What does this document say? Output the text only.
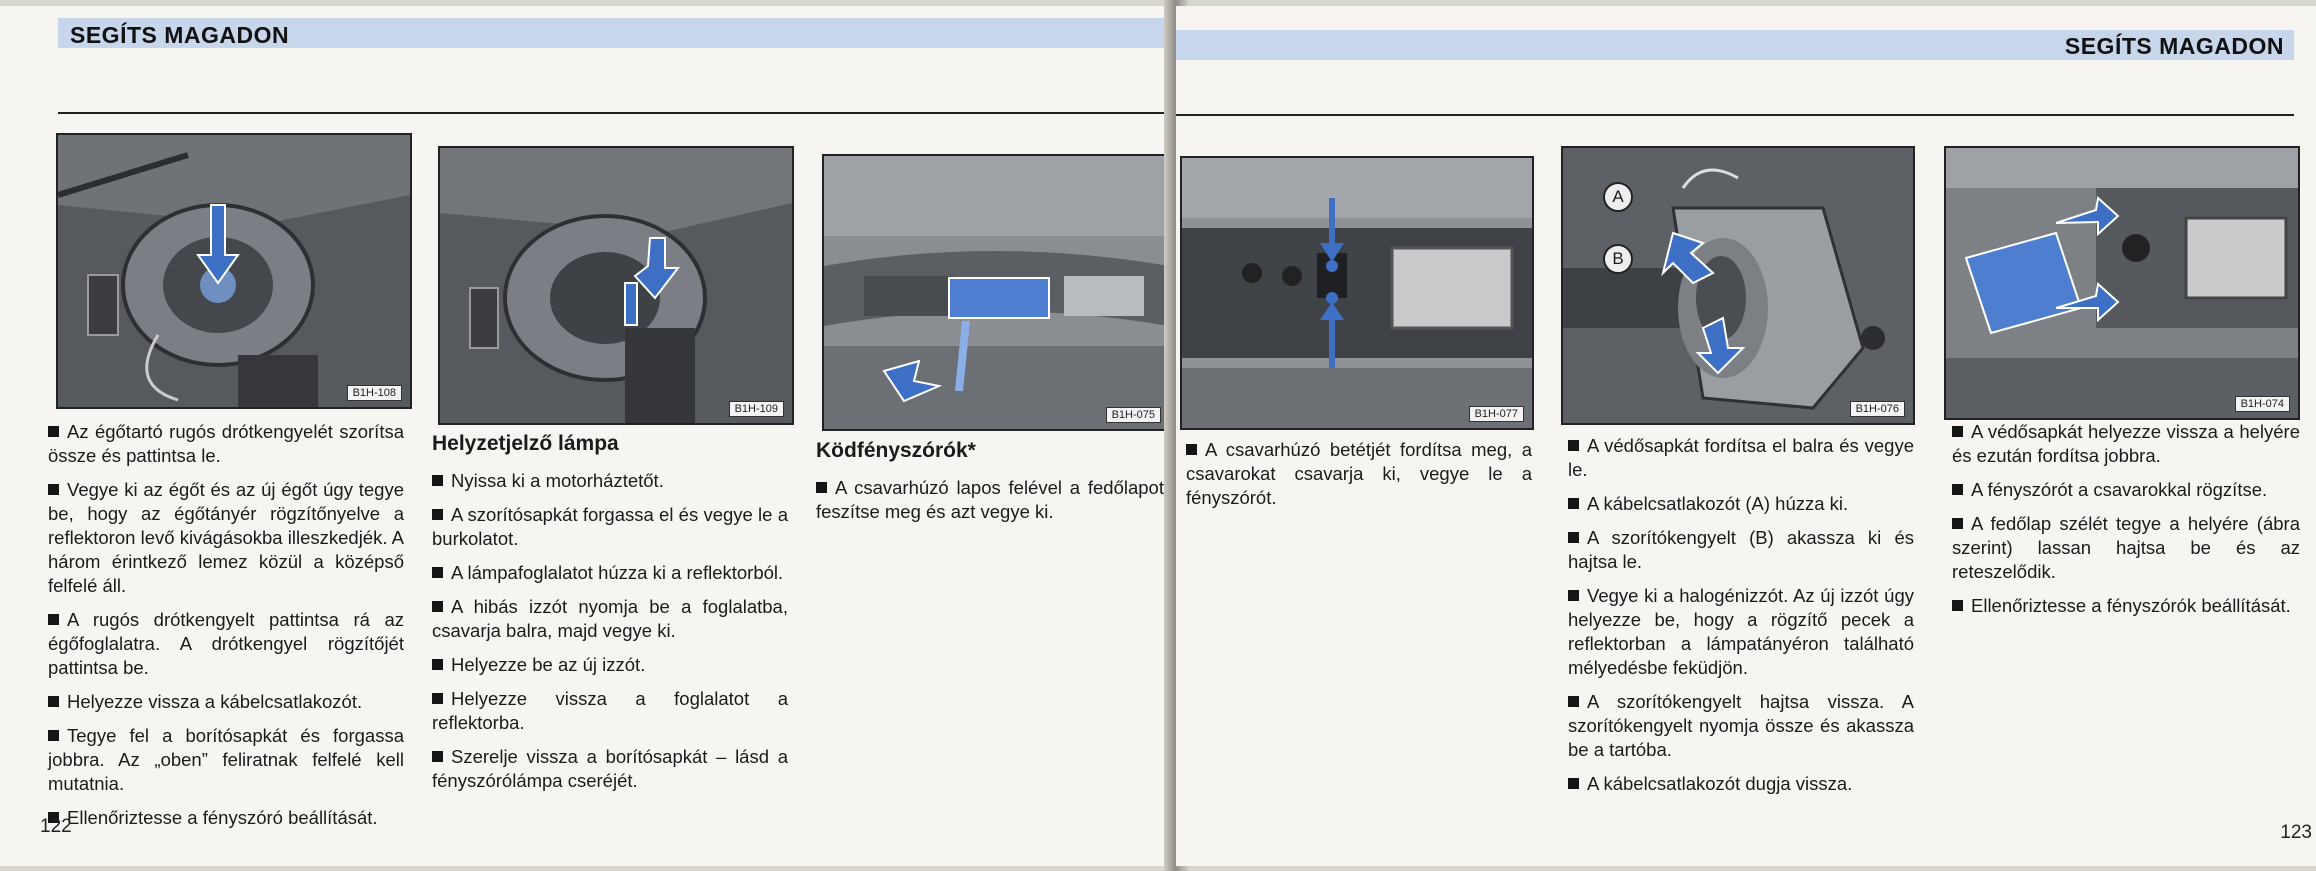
SEGÍTS MAGADON
B1H-108
B1H-109	B1H-075

Az égőtartó rugós drótkengyelét szorítsa össze és pattintsa le.

Vegye ki az égőt és az új égőt úgy tegye be, hogy az égőtányér rögzítőnyelve a reflektoron levő kivágásokba illeszkedjék. A három érintkező lemez közül a középső felfelé áll.

A rugós drótkengyelt pattintsa rá az égőfoglalatra. A drótkengyel rögzítőjét pattintsa be.

Helyezze vissza a kábelcsatlakozót.

Tegye fel a borítósapkát és forgassa jobbra. Az „oben” feliratnak felfelé kell mutatnia.

Ellenőriztesse a fényszóró beállítását.

Helyzetjelző lámpa

Nyissa ki a motorháztetőt.

A szorítósapkát forgassa el és vegye le a burkolatot.

A lámpafoglalatot húzza ki a reflektorból.

A hibás izzót nyomja be a foglalatba, csavarja balra, majd vegye ki.

Helyezze be az új izzót.

Helyezze vissza a foglalatot a reflektorba.

Szerelje vissza a borítósapkát – lásd a fényszórólámpa cseréjét.

Ködfényszórók*

A csavarhúzó lapos felével a fedőlapot feszítse meg és azt vegye ki.

122
SEGÍTS MAGADON
B1H-077
A
B
B1H-076	B1H-074

A csavarhúzó betétjét fordítsa meg, a csavarokat csavarja ki, vegye le a fényszórót.

A védősapkát fordítsa el balra és vegye le.

A kábelcsatlakozót (A) húzza ki.

A szorítókengyelt (B) akassza ki és hajtsa le.

Vegye ki a halogénizzót. Az új izzót úgy helyezze be, hogy a rögzítő pecek a reflektorban a lámpatányéron található mélyedésbe feküdjön.

A szorítókengyelt hajtsa vissza. A szorítókengyelt nyomja össze és akassza be a tartóba.

A kábelcsatlakozót dugja vissza.

A védősapkát helyezze vissza a helyére és ezután fordítsa jobbra.

A fényszórót a csavarokkal rögzítse.

A fedőlap szélét tegye a helyére (ábra szerint) lassan hajtsa be és az reteszelődik.

Ellenőriztesse a fényszórók beállítását.

123
